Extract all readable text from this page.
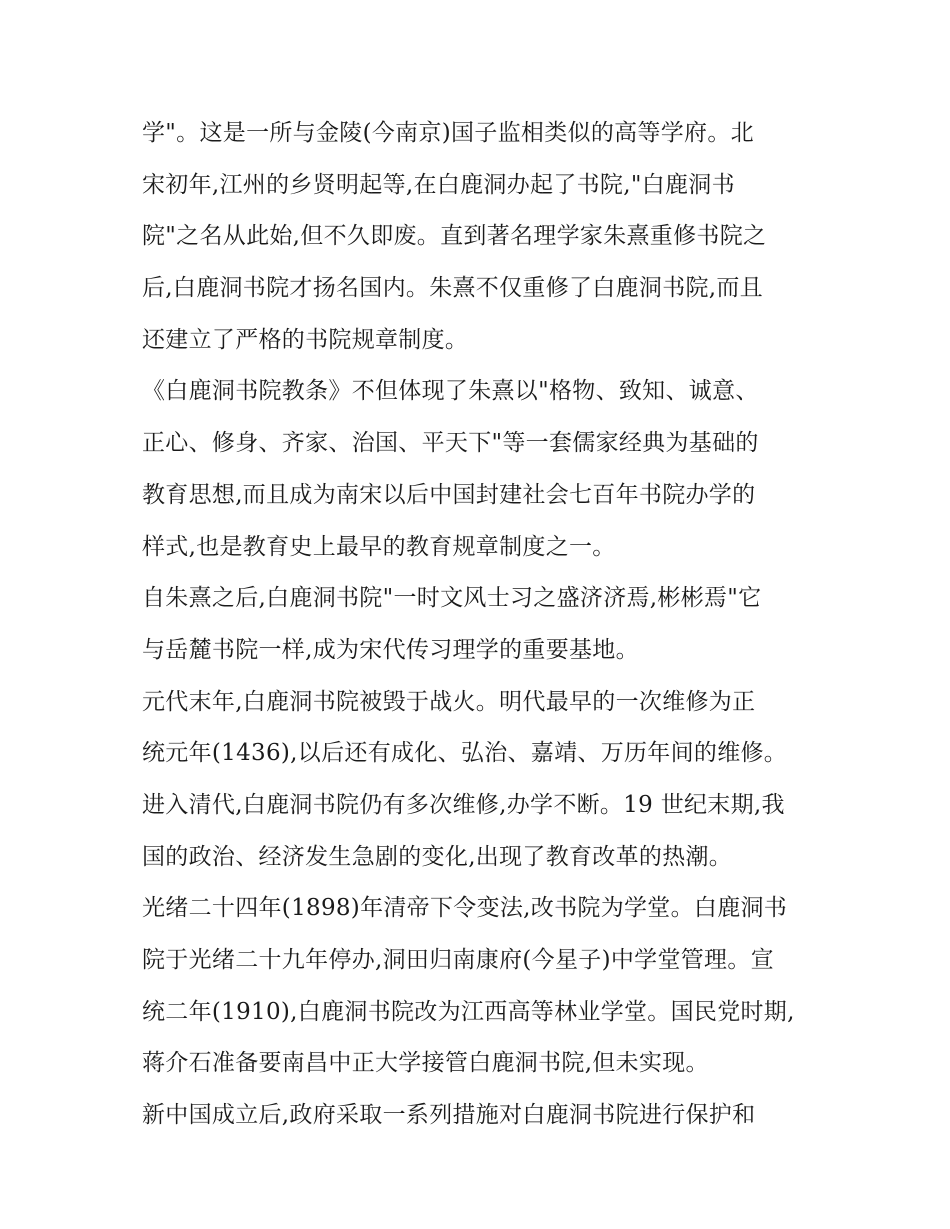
学"。这是一所与金陵(今南京)国子监相类似的高等学府。北
宋初年,江州的乡贤明起等,在白鹿洞办起了书院,"白鹿洞书
院"之名从此始,但不久即废。直到著名理学家朱熹重修书院之
后,白鹿洞书院才扬名国内。朱熹不仅重修了白鹿洞书院,而且
还建立了严格的书院规章制度。
《白鹿洞书院教条》不但体现了朱熹以"格物、致知、诚意、
正心、修身、齐家、治国、平天下"等一套儒家经典为基础的
教育思想,而且成为南宋以后中国封建社会七百年书院办学的
样式,也是教育史上最早的教育规章制度之一。
自朱熹之后,白鹿洞书院"一时文风士习之盛济济焉,彬彬焉"它
与岳麓书院一样,成为宋代传习理学的重要基地。
元代末年,白鹿洞书院被毁于战火。明代最早的一次维修为正
统元年(1436),以后还有成化、弘治、嘉靖、万历年间的维修。
进入清代,白鹿洞书院仍有多次维修,办学不断。19 世纪末期,我
国的政治、经济发生急剧的变化,出现了教育改革的热潮。
光绪二十四年(1898)年清帝下令变法,改书院为学堂。白鹿洞书
院于光绪二十九年停办,洞田归南康府(今星子)中学堂管理。宣
统二年(1910),白鹿洞书院改为江西高等林业学堂。国民党时期,
蒋介石准备要南昌中正大学接管白鹿洞书院,但未实现。
新中国成立后,政府采取一系列措施对白鹿洞书院进行保护和
